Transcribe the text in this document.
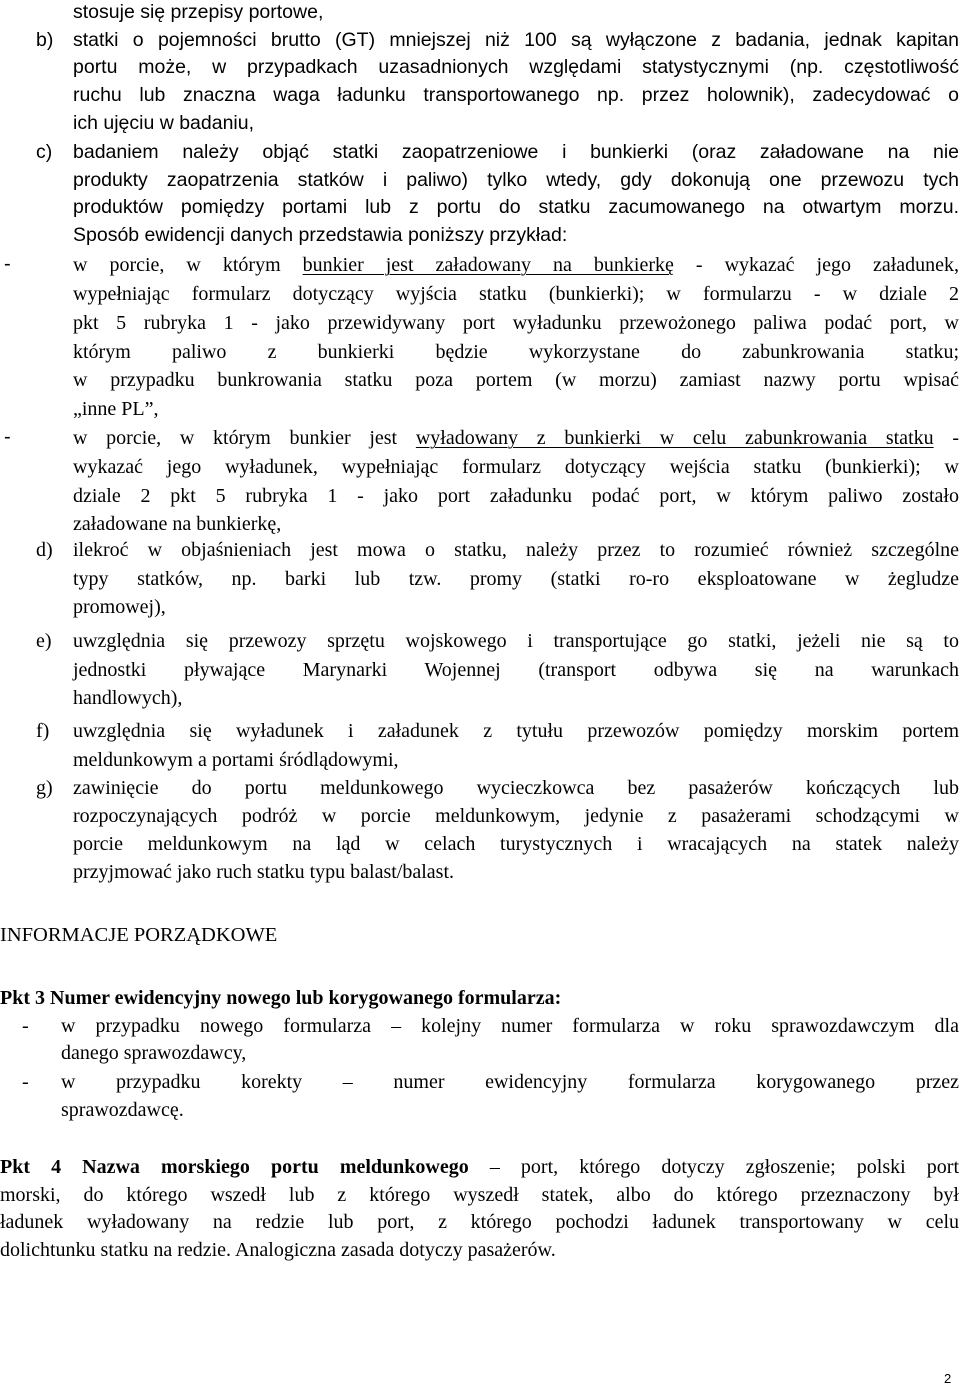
stosuje się przepisy portowe,
b) statki o pojemności brutto (GT) mniejszej niż 100 są wyłączone z badania, jednak kapitan
portu może, w przypadkach uzasadnionych względami statystycznymi (np. częstotliwość
ruchu lub znaczna waga ładunku transportowanego np. przez holownik), zadecydować o
ich ujęciu w badaniu,
c) badaniem należy objąć statki zaopatrzeniowe i bunkierki (oraz załadowane na nie
produkty zaopatrzenia statków i paliwo) tylko wtedy, gdy dokonują one przewozu tych
produktów pomiędzy portami lub z portu do statku zacumowanego na otwartym morzu.
Sposób ewidencji danych przedstawia poniższy przykład:
-	w porcie, w którym bunkier jest załadowany na bunkierkę - wykazać jego załadunek,
wypełniając formularz dotyczący wyjścia statku (bunkierki); w formularzu - w dziale 2
pkt 5 rubryka 1 - jako przewidywany port wyładunku przewożonego paliwa podać port, w
którym paliwo z bunkierki będzie wykorzystane do zabunkrowania statku;
w przypadku bunkrowania statku poza portem (w morzu) zamiast nazwy portu wpisać
„inne PL”,
-	w porcie, w którym bunkier jest wyładowany z bunkierki w celu zabunkrowania statku -
wykazać jego wyładunek, wypełniając formularz dotyczący wejścia statku (bunkierki); w
dziale 2 pkt 5 rubryka 1 - jako port załadunku podać port, w którym paliwo zostało
załadowane na bunkierkę,
d) ilekroć w objaśnieniach jest mowa o statku, należy przez to rozumieć również szczególne
typy statków, np. barki lub tzw. promy (statki ro-ro eksploatowane w żegludze
promowej),
e) uwzględnia się przewozy sprzętu wojskowego i transportujące go statki, jeżeli nie są to
jednostki pływające Marynarki Wojennej (transport odbywa się na warunkach
handlowych),
f) uwzględnia się wyładunek i załadunek z tytułu przewozów pomiędzy morskim portem
meldunkowym a portami śródlądowymi,
g) zawinięcie do portu meldunkowego wycieczkowca bez pasażerów kończących lub
rozpoczynających podróż w porcie meldunkowym, jedynie z pasażerami schodzącymi w
porcie meldunkowym na ląd w celach turystycznych i wracających na statek należy
przyjmować jako ruch statku typu balast/balast.
INFORMACJE PORZĄDKOWE
Pkt 3 Numer ewidencyjny nowego lub korygowanego formularza:
- w przypadku nowego formularza – kolejny numer formularza w roku sprawozdawczym dla
danego sprawozdawcy,
- w przypadku korekty – numer ewidencyjny formularza korygowanego przez
sprawozdawcę.
Pkt 4 Nazwa morskiego portu meldunkowego – port, którego dotyczy zgłoszenie; polski port
morski, do którego wszedł lub z którego wyszedł statek, albo do którego przeznaczony był
ładunek wyładowany na redzie lub port, z którego pochodzi ładunek transportowany w celu
dolichtunku statku na redzie. Analogiczna zasada dotyczy pasażerów.
2
